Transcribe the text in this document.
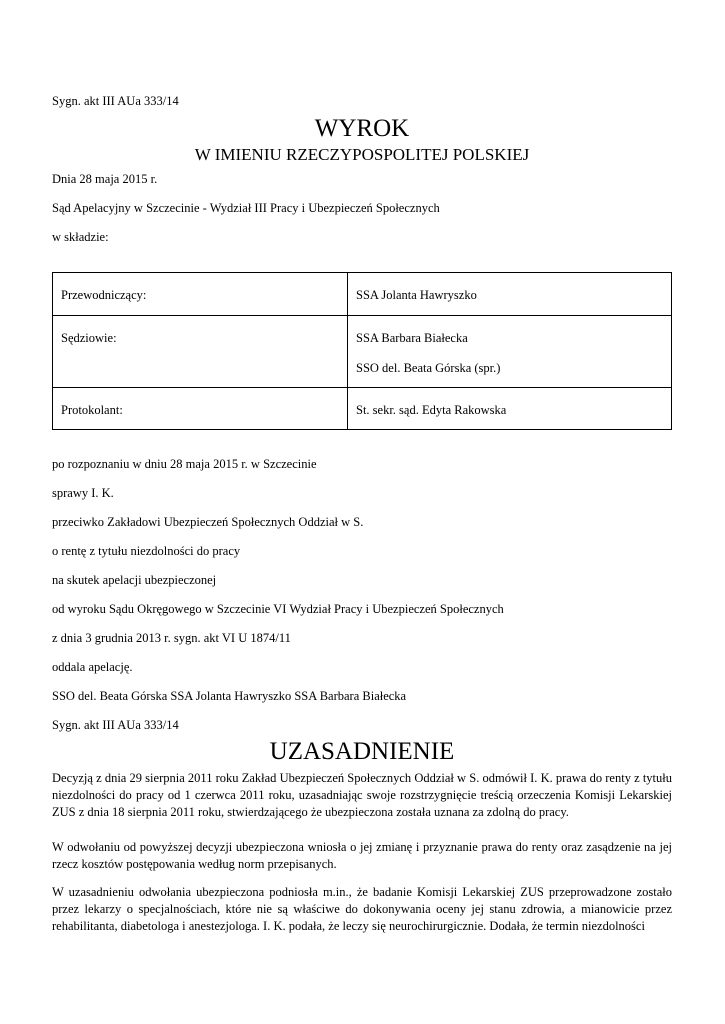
Sygn. akt III AUa 333/14
WYROK
W IMIENIU RZECZYPOSPOLITEJ POLSKIEJ
Dnia 28 maja 2015 r.
Sąd Apelacyjny w Szczecinie - Wydział III Pracy i Ubezpieczeń Społecznych
w składzie:
Przewodniczący:	SSA Jolanta Hawryszko
Sędziowie:	SSA Barbara Białecka
SSO del. Beata Górska (spr.)

Protokolant:	St. sekr. sąd. Edyta Rakowska
po rozpoznaniu w dniu 28 maja 2015 r. w Szczecinie
sprawy I. K.
przeciwko Zakładowi Ubezpieczeń Społecznych Oddział w S.
o rentę z tytułu niezdolności do pracy
na skutek apelacji ubezpieczonej
od wyroku Sądu Okręgowego w Szczecinie VI Wydział Pracy i Ubezpieczeń Społecznych
z dnia 3 grudnia 2013 r. sygn. akt VI U 1874/11
oddala apelację.
SSO del. Beata Górska SSA Jolanta Hawryszko SSA Barbara Białecka
Sygn. akt III AUa 333/14
UZASADNIENIE
Decyzją z dnia 29 sierpnia 2011 roku Zakład Ubezpieczeń Społecznych Oddział w S. odmówił I. K. prawa do renty z tytułu niezdolności do pracy od 1 czerwca 2011 roku, uzasadniając swoje rozstrzygnięcie treścią orzeczenia Komisji Lekarskiej ZUS z dnia 18 sierpnia 2011 roku, stwierdzającego że ubezpieczona została uznana za zdolną do pracy.
W odwołaniu od powyższej decyzji ubezpieczona wniosła o jej zmianę i przyznanie prawa do renty oraz zasądzenie na jej rzecz kosztów postępowania według norm przepisanych.
W uzasadnieniu odwołania ubezpieczona podniosła m.in., że badanie Komisji Lekarskiej ZUS przeprowadzone zostało przez lekarzy o specjalnościach, które nie są właściwe do dokonywania oceny jej stanu zdrowia, a mianowicie przez rehabilitanta, diabetologa i anestezjologa. I. K. podała, że leczy się neurochirurgicznie. Dodała, że termin niezdolności
